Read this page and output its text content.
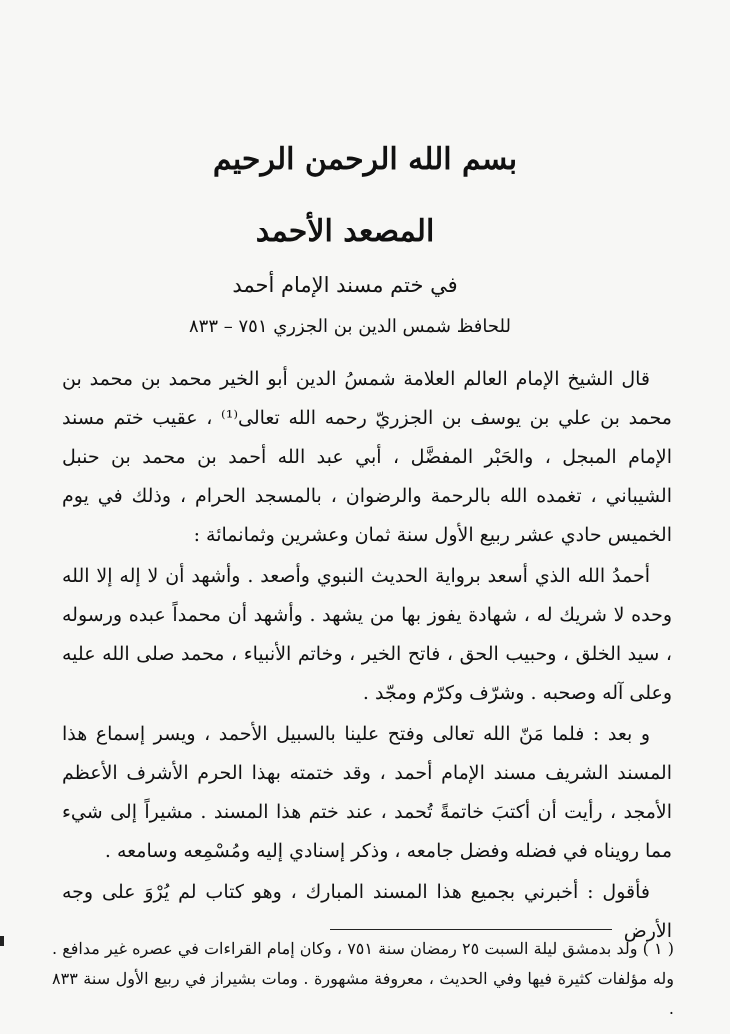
بسم الله الرحمن الرحيم
المصعد الأحمد
في ختم مسند الإمام أحمد
للحافظ شمس الدين بن الجزري ٧٥١ – ٨٣٣

قال الشيخ الإمام العالم العلامة شمسُ الدين أبو الخير محمد بن محمد بن محمد بن علي بن يوسف بن الجزريّ رحمه الله تعالى⁽¹⁾ ، عقيب ختم مسند الإمام المبجل ، والحَبْر المفضَّل ، أبي عبد الله أحمد بن محمد بن حنبل الشيباني ، تغمده الله بالرحمة والرضوان ، بالمسجد الحرام ، وذلك في يوم الخميس حادي عشر ربيع الأول سنة ثمان وعشرين وثمانمائة :

أحمدُ الله الذي أسعد برواية الحديث النبوي وأصعد . وأشهد أن لا إله إلا الله وحده لا شريك له ، شهادة يفوز بها من يشهد . وأشهد أن محمداً عبده ورسوله ، سيد الخلق ، وحبيب الحق ، فاتح الخير ، وخاتم الأنبياء ، محمد صلى الله عليه وعلى آله وصحبه . وشرّف وكرّم ومجّد .

و بعد : فلما مَنّ الله تعالى وفتح علينا بالسبيل الأحمد ، ويسر إسماع هذا المسند الشريف مسند الإمام أحمد ، وقد ختمته بهذا الحرم الأشرف الأعظم الأمجد ، رأيت أن أكتبَ خاتمةً تُحمد ، عند ختم هذا المسند . مشيراً إلى شيء مما رويناه في فضله وفضل جامعه ، وذكر إسنادي إليه ومُسْمِعه وسامعه .

فأقول : أخبرني بجميع هذا المسند المبارك ، وهو كتاب لم يُرْوَ على وجه الأرض

( ١ ) ولد بدمشق ليلة السبت ٢٥ رمضان سنة ٧٥١ ، وكان إمام القراءات في عصره غير مدافع . وله مؤلفات كثيرة فيها وفي الحديث ، معروفة مشهورة . ومات بشيراز في ربيع الأول سنة ٨٣٣ .
